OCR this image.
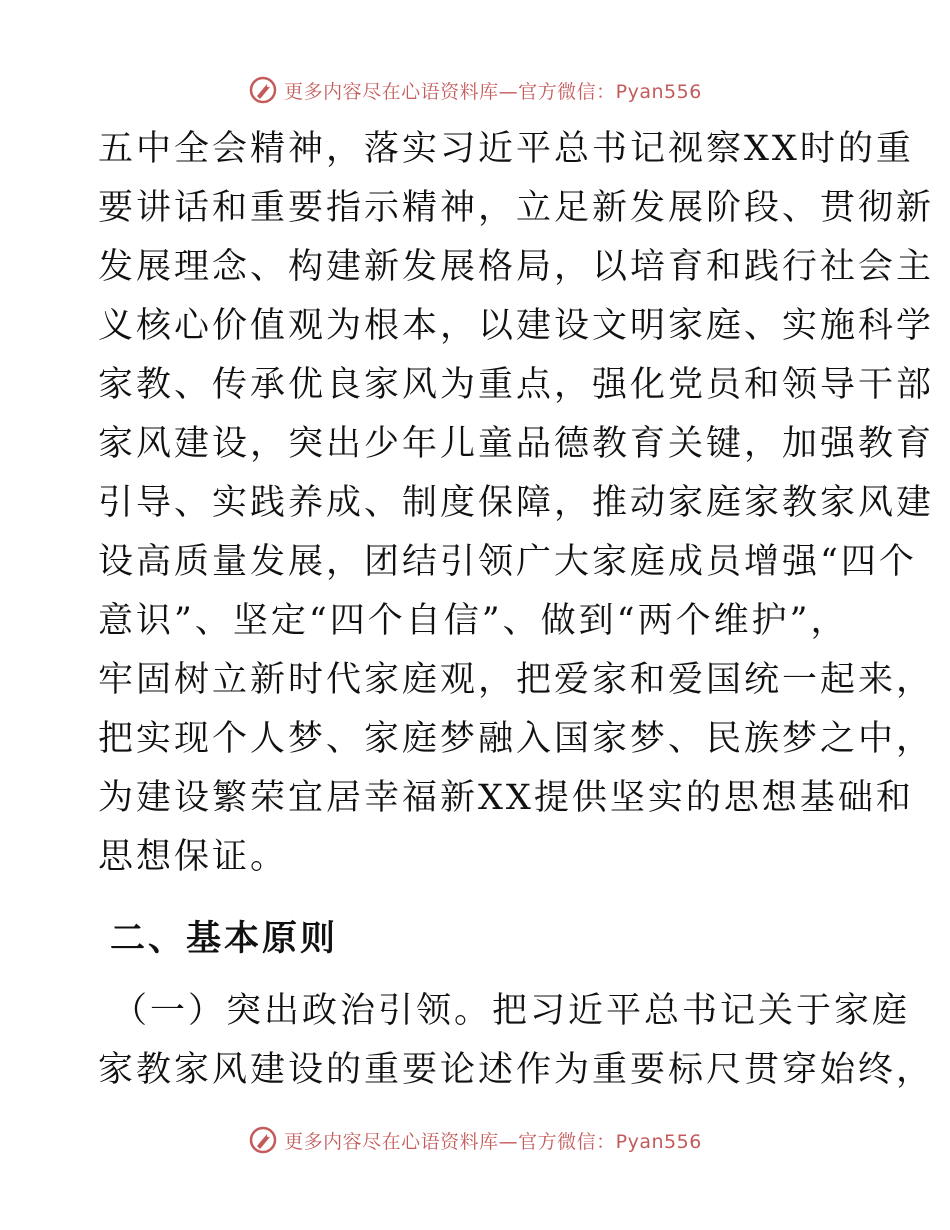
更多内容尽在心语资料库—官方微信：Pyan556

五中全会精神，落实习近平总书记视察XX时的重

要讲话和重要指示精神，立足新发展阶段、贯彻新

发展理念、构建新发展格局，以培育和践行社会主

义核心价值观为根本，以建设文明家庭、实施科学

家教、传承优良家风为重点，强化党员和领导干部

家风建设，突出少年儿童品德教育关键，加强教育

引导、实践养成、制度保障，推动家庭家教家风建

设高质量发展，团结引领广大家庭成员增强“四个

意识”、坚定“四个自信”、做到“两个维护”，

牢固树立新时代家庭观，把爱家和爱国统一起来，

把实现个人梦、家庭梦融入国家梦、民族梦之中，

为建设繁荣宜居幸福新XX提供坚实的思想基础和

思想保证。

二、基本原则

（一）突出政治引领。把习近平总书记关于家庭

家教家风建设的重要论述作为重要标尺贯穿始终，

更多内容尽在心语资料库—官方微信：Pyan556
